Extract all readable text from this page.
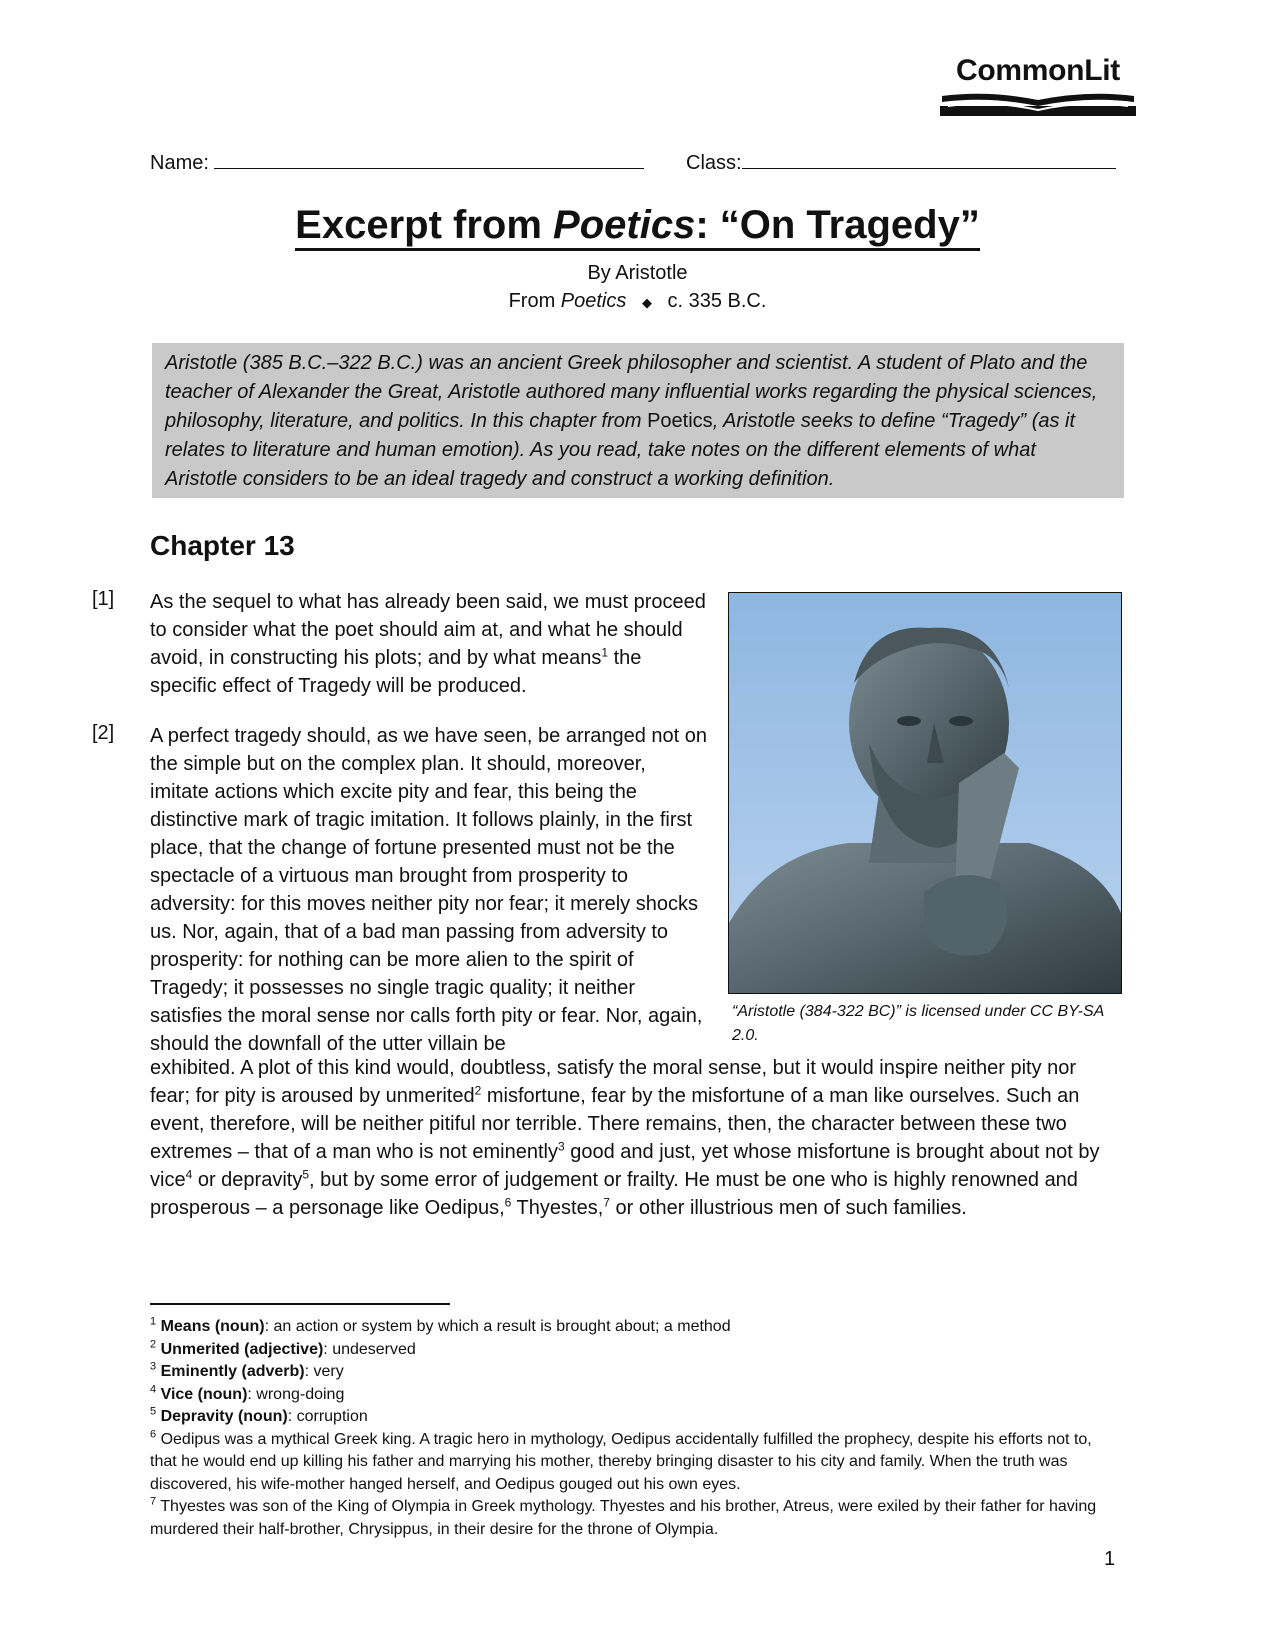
CommonLit
Name:	Class:
Excerpt from Poetics: “On Tragedy”
By Aristotle
From Poetics ◆ c. 335 B.C.
Aristotle (385 B.C.–322 B.C.) was an ancient Greek philosopher and scientist. A student of Plato and the teacher of Alexander the Great, Aristotle authored many influential works regarding the physical sciences, philosophy, literature, and politics. In this chapter from Poetics, Aristotle seeks to define “Tragedy” (as it relates to literature and human emotion). As you read, take notes on the different elements of what Aristotle considers to be an ideal tragedy and construct a working definition.
Chapter 13
[1] As the sequel to what has already been said, we must proceed to consider what the poet should aim at, and what he should avoid, in constructing his plots; and by what means$^1$ the specific effect of Tragedy will be produced.
[2] A perfect tragedy should, as we have seen, be arranged not on the simple but on the complex plan. It should, moreover, imitate actions which excite pity and fear, this being the distinctive mark of tragic imitation. It follows plainly, in the first place, that the change of fortune presented must not be the spectacle of a virtuous man brought from prosperity to adversity: for this moves neither pity nor fear; it merely shocks us. Nor, again, that of a bad man passing from adversity to prosperity: for nothing can be more alien to the spirit of Tragedy; it possesses no single tragic quality; it neither satisfies the moral sense nor calls forth pity or fear. Nor, again, should the downfall of the utter villain be
exhibited. A plot of this kind would, doubtless, satisfy the moral sense, but it would inspire neither pity nor fear; for pity is aroused by unmerited$^2$ misfortune, fear by the misfortune of a man like ourselves. Such an event, therefore, will be neither pitiful nor terrible. There remains, then, the character between these two extremes – that of a man who is not eminently$^3$ good and just, yet whose misfortune is brought about not by vice$^4$ or depravity$^5$, but by some error of judgement or frailty. He must be one who is highly renowned and prosperous – a personage like Oedipus,$^6$ Thyestes,$^7$ or other illustrious men of such families.
“Aristotle (384-322 BC)” is licensed under CC BY-SA 2.0.

$^1$ Means (noun): an action or system by which a result is brought about; a method

$^2$ Unmerited (adjective): undeserved

$^3$ Eminently (adverb): very

$^4$ Vice (noun): wrong-doing

$^5$ Depravity (noun): corruption

$^6$ Oedipus was a mythical Greek king. A tragic hero in mythology, Oedipus accidentally fulfilled the prophecy, despite his efforts not to, that he would end up killing his father and marrying his mother, thereby bringing disaster to his city and family. When the truth was discovered, his wife-mother hanged herself, and Oedipus gouged out his own eyes.

$^7$ Thyestes was son of the King of Olympia in Greek mythology. Thyestes and his brother, Atreus, were exiled by their father for having murdered their half-brother, Chrysippus, in their desire for the throne of Olympia.

1
